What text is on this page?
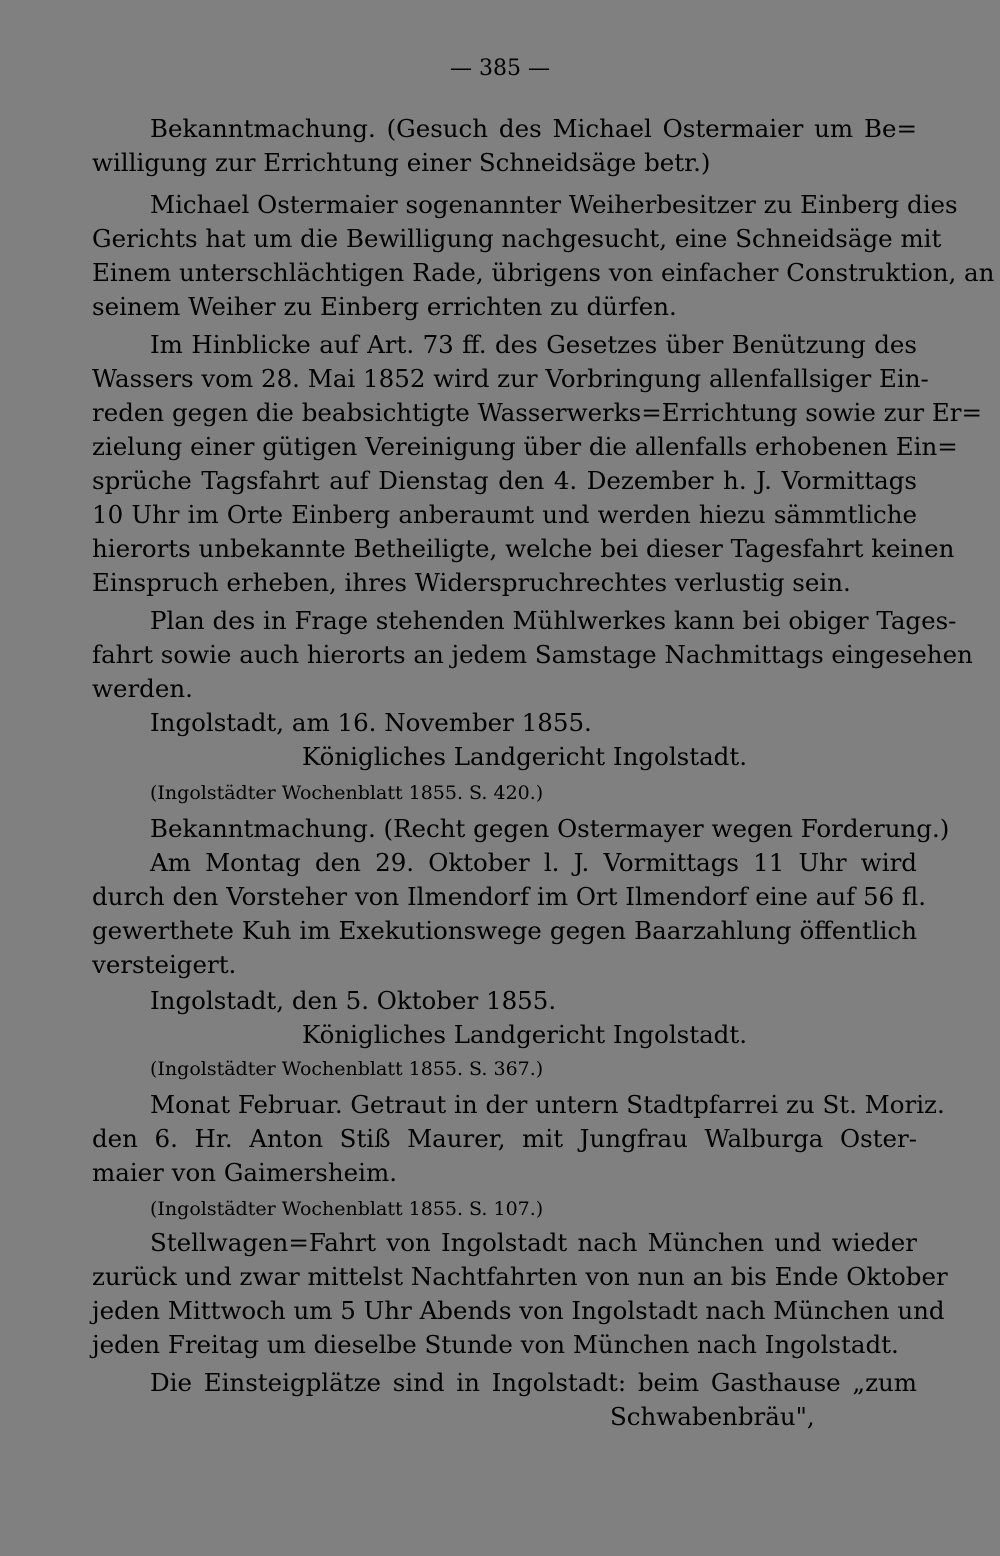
— 385 —
Bekanntmachung. (Gesuch des Michael Ostermaier um Be=
willigung zur Errichtung einer Schneidsäge betr.)
Michael Ostermaier sogenannter Weiherbesitzer zu Einberg dies
Gerichts hat um die Bewilligung nachgesucht, eine Schneidsäge mit
Einem unterschlächtigen Rade, übrigens von einfacher Construktion, an
seinem Weiher zu Einberg errichten zu dürfen.
Im Hinblicke auf Art. 73 ff. des Gesetzes über Benützung des
Wassers vom 28. Mai 1852 wird zur Vorbringung allenfallsiger Ein-
reden gegen die beabsichtigte Wasserwerks=Errichtung sowie zur Er=
zielung einer gütigen Vereinigung über die allenfalls erhobenen Ein=
sprüche Tagsfahrt auf Dienstag den 4. Dezember h. J. Vormittags
10 Uhr im Orte Einberg anberaumt und werden hiezu sämmtliche
hierorts unbekannte Betheiligte, welche bei dieser Tagesfahrt keinen
Einspruch erheben, ihres Widerspruchrechtes verlustig sein.
Plan des in Frage stehenden Mühlwerkes kann bei obiger Tages-
fahrt sowie auch hierorts an jedem Samstage Nachmittags eingesehen
werden.
Ingolstadt, am 16. November 1855.
Königliches Landgericht Ingolstadt.
(Ingolstädter Wochenblatt 1855. S. 420.)
Bekanntmachung. (Recht gegen Ostermayer wegen Forderung.)
Am Montag den 29. Oktober l. J. Vormittags 11 Uhr wird
durch den Vorsteher von Ilmendorf im Ort Ilmendorf eine auf 56 fl.
gewerthete Kuh im Exekutionswege gegen Baarzahlung öffentlich
versteigert.
Ingolstadt, den 5. Oktober 1855.
Königliches Landgericht Ingolstadt.
(Ingolstädter Wochenblatt 1855. S. 367.)
Monat Februar. Getraut in der untern Stadtpfarrei zu St. Moriz.
den 6. Hr. Anton Stiß Maurer, mit Jungfrau Walburga Oster-
maier von Gaimersheim.
(Ingolstädter Wochenblatt 1855. S. 107.)
Stellwagen=Fahrt von Ingolstadt nach München und wieder
zurück und zwar mittelst Nachtfahrten von nun an bis Ende Oktober
jeden Mittwoch um 5 Uhr Abends von Ingolstadt nach München und
jeden Freitag um dieselbe Stunde von München nach Ingolstadt.
Die Einsteigplätze sind in Ingolstadt: beim Gasthause „zum
Schwabenbräu",
